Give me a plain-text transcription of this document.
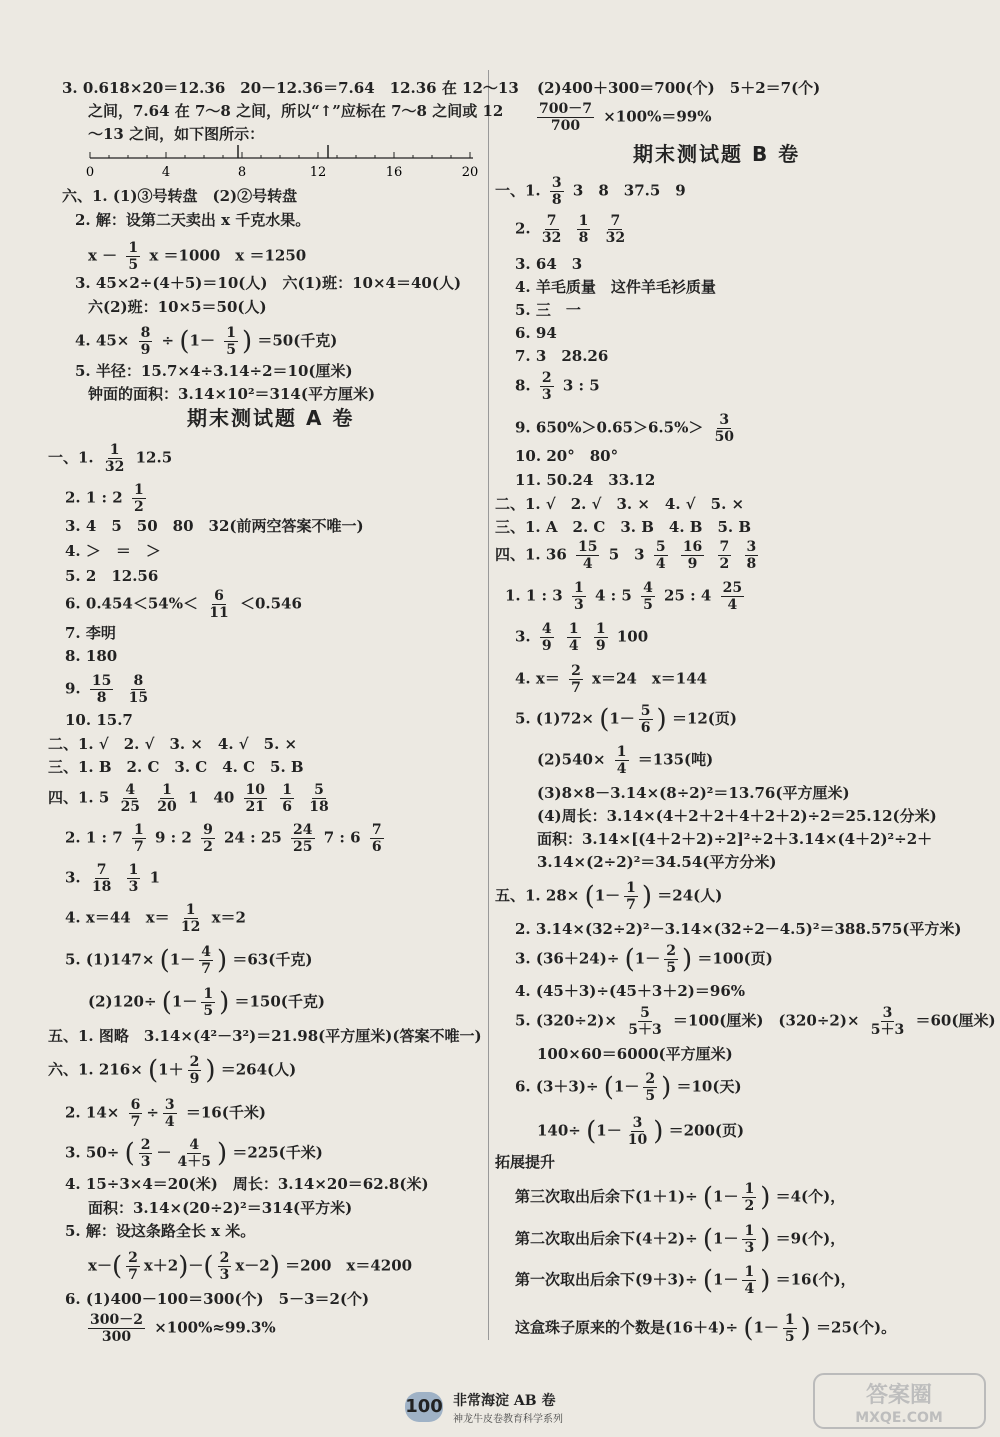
3. 0.618×20＝12.36　20－12.36＝7.64　12.36 在 12～13
之间，7.64 在 7～8 之间，所以“↑”应标在 7～8 之间或 12
～13 之间，如下图所示：
0	4	8	12	16	20
六、1. (1)③号转盘　(2)②号转盘
2. 解：设第二天卖出 x 千克水果。
$x - \frac{1}{5}$ x ＝1000　x ＝1250
3. 45×2÷(4＋5)＝10(人)　六(1)班：10×4＝40(人)
六(2)班：10×5＝50(人)
4. $45\times \frac{8}{9} \div (1- \frac{1}{5}$ ) ＝50(千克)
5. 半径：15.7×4÷3.14÷2＝10(厘米)
钟面的面积：3.14×10²＝314(平方厘米)
期末测试题 A 卷
一、1. $\frac{1}{32} 12.5$
2. 1 : $2 \frac{1}{2}$
3. 4　5　50　80　32(前两空答案不唯一)
4. ＞　＝　＞
5. 2　12.56
6. $0.454<54\%< \frac{6}{11} <0.546$
7. 李明
8. 180
9. $\frac{15}{8}$
$\frac{8}{15}$
10. 15.7
二、1. √　2. √　3. ×　4. √　5. ×
三、1. B　2. C　3. C　4. C　5. B
四、1. $5 \frac{4}{25}$
$\frac{1}{20} 1$　$40 \frac{10}{21}$
$\frac{1}{6}$
$\frac{5}{18}$
2. 1 : $7 \frac{1}{7} 9$ : $2 \frac{9}{2} 24$ : $25 \frac{24}{25} 7$ : $6 \frac{7}{6}$
3. $\frac{7}{18}$
$\frac{1}{3} 1$
4. x＝44　$x= \frac{1}{12} x=2$
5. $(1)147\times (1- \frac{4}{7}$ ) ＝63(千克)
$(2)120\div (1- \frac{1}{5}$ ) ＝150(千克)
五、1. 图略　3.14×(4²－3²)＝21.98(平方厘米)(答案不唯一)
六、1. $216\times (1+ \frac{2}{9}$ ) ＝264(人)
2. $14\times \frac{6}{7} \div \frac{3}{4} =16$(千米)
3. 50÷ ( $\frac{2}{3} - \frac{4}{4+5}$ ) ＝225(千米)
4. 15÷3×4＝20(米)　周长：3.14×20＝62.8(米)
面积：3.14×(20÷2)²＝314(平方米)
5. 解：设这条路全长 x 米。
$x-( \frac{2}{7} x+2)-( \frac{2}{3} x-2) =200$　x＝4200
6. (1)400－100＝300(个)　5－3＝2(个)
$\frac{300-2}{300} \times 100\%\approx 99.3\%$
(2)400＋300＝700(个)　5＋2＝7(个)
$\frac{700-7}{700} \times 100\%=99\%$
期末测试题 B 卷
一、1. $\frac{3}{8} 3$　8　37.5　9
2. $\frac{7}{32}$
$\frac{1}{8}$
$\frac{7}{32}$
3. 64　3
4. 羊毛质量　这件羊毛衫质量
5. 三　一
6. 94
7. 3　28.26
8. $\frac{2}{3} 3$ : 5
9. $650\%>0.65>6.5\%> \frac{3}{50}$
10. 20°　80°
11. 50.24　33.12
二、1. √　2. √　3. ×　4. √　5. ×
三、1. A　2. C　3. B　4. B　5. B
四、1. $36 \frac{15}{4} 5$　$3 \frac{5}{4}$
$\frac{16}{9}$
$\frac{7}{2}$
$\frac{3}{8}$
1. 1 : $3 \frac{1}{3} 4$ : $5 \frac{4}{5} 25$ : $4 \frac{25}{4}$
3. $\frac{4}{9}$
$\frac{1}{4}$
$\frac{1}{9} 100$
4. $x= \frac{2}{7} x=24$　x＝144
5. $(1)72\times (1- \frac{5}{6}$ ) ＝12(页)
$(2)540\times \frac{1}{4} =135$(吨)
(3)8×8－3.14×(8÷2)²＝13.76(平方厘米)
(4)周长：3.14×(4＋2＋2＋4＋2＋2)÷2＝25.12(分米)
面积：3.14×[(4＋2＋2)÷2]²÷2＋3.14×(4＋2)²÷2＋
3.14×(2÷2)²＝34.54(平方分米)
五、1. $28\times (1- \frac{1}{7}$ ) ＝24(人)
2. 3.14×(32÷2)²－3.14×(32÷2－4.5)²＝388.575(平方米)
3. $(36+24)\div (1- \frac{2}{5}$ ) ＝100(页)
4. (45＋3)÷(45＋3＋2)＝96%
5. $(320\div 2)\times \frac{5}{5+3} =100$(厘米)　$(320\div 2)\times \frac{3}{5+3} =60$(厘米)
100×60＝6000(平方厘米)
6. $(3+3)\div (1- \frac{2}{5}$ ) ＝10(天)
$140\div (1- \frac{3}{10}$ ) ＝200(页)
拓展提升
第三次取出后余下$(1+1)\div (1- \frac{1}{2}$ ) ＝4(个)，
第二次取出后余下$(4+2)\div (1- \frac{1}{3}$ ) ＝9(个)，
第一次取出后余下$(9+3)\div (1- \frac{1}{4}$ ) ＝16(个)，
这盒珠子原来的个数是$(16+4)\div (1- \frac{1}{5}$ ) ＝25(个)。
100 非常海淀 AB 卷
神龙牛皮卷教育科学系列
答案圈
MXQE.COM
